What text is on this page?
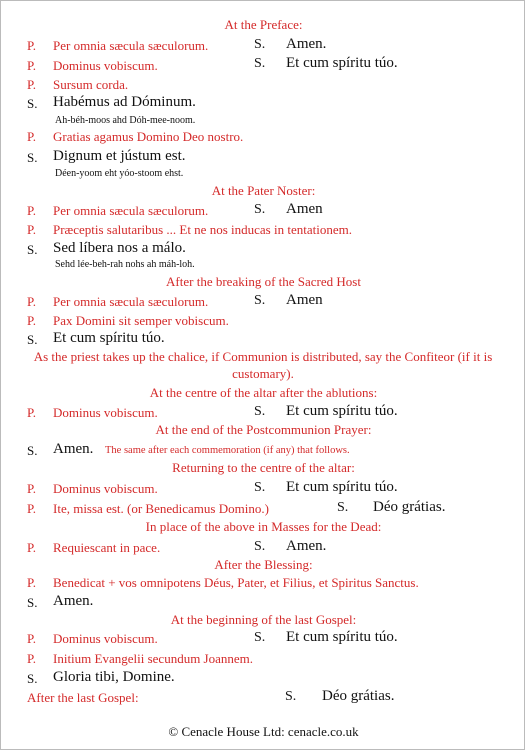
At the Preface:
P. Per omnia sæcula sæculorum.	S. Amen.
P. Dominus vobiscum.	S. Et cum spíritu túo.
P. Sursum corda.
S. Habémus ad Dóminum.
Ah-béh-moos ahd Dóh-mee-noom.
P. Gratias agamus Domino Deo nostro.
S. Dignum et jústum est.
Déen-yoom eht yóo-stoom ehst.
At the Pater Noster:
P. Per omnia sæcula sæculorum.	S. Amen
P. Præceptis salutaribus ... Et ne nos inducas in tentationem.
S. Sed líbera nos a málo.
Sehd lée-beh-rah nohs ah máh-loh.
After the breaking of the Sacred Host
P. Per omnia sæcula sæculorum.	S. Amen
P. Pax Domini sit semper vobiscum.
S. Et cum spíritu túo.
As the priest takes up the chalice, if Communion is distributed, say the Confiteor (if it is customary).
At the centre of the altar after the ablutions:
P. Dominus vobiscum.	S. Et cum spíritu túo.
At the end of the Postcommunion Prayer:
S. Amen. The same after each commemoration (if any) that follows.
Returning to the centre of the altar:
P. Dominus vobiscum.	S. Et cum spíritu túo.
P. Ite, missa est. (or Benedicamus Domino.)	S. Déo grátias.
In place of the above in Masses for the Dead:
P. Requiescant in pace.	S. Amen.
After the Blessing:
P. Benedicat + vos omnipotens Déus, Pater, et Filius, et Spiritus Sanctus.
S. Amen.
At the beginning of the last Gospel:
P. Dominus vobiscum.	S. Et cum spíritu túo.
P. Initium Evangelii secundum Joannem.
S. Gloria tibi, Domine.
After the last Gospel:	S. Déo grátias.
© Cenacle House Ltd: cenacle.co.uk
